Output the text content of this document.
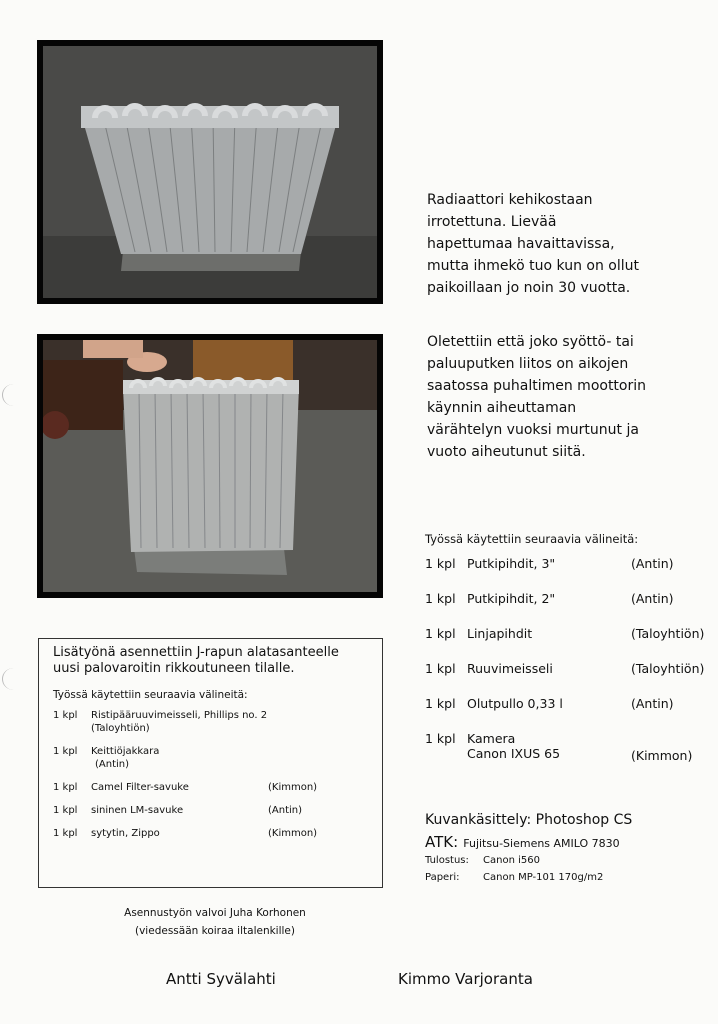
Radiaattori kehikostaan irrotettuna. Lievää hapettumaa havaittavissa, mutta ihmekö tuo kun on ollut paikoillaan jo noin 30 vuotta.
Oletettiin että joko syöttö- tai paluuputken liitos on aikojen saatossa puhaltimen moottorin käynnin aiheuttaman värähtelyn vuoksi murtunut ja vuoto aiheutunut siitä.
Työssä käytettiin seuraavia välineitä:
1 kpl Putkipihdit, 3"	(Antin)
1 kpl Putkipihdit, 2"	(Antin)
1 kpl Linjapihdit	(Taloyhtiön)
1 kpl Ruuvimeisseli	(Taloyhtiön)
1 kpl Olutpullo 0,33 l	(Antin)
1 kpl Kamera
Canon IXUS 65	(Kimmon)
Kuvankäsittely:
Photoshop CS
ATK:
Fujitsu-Siemens AMILO 7830
Tulostus:	Canon i560
Paperi:	Canon MP-101 170g/m2
Lisätyönä asennettiin J-rapun alatasanteelle uusi palovaroitin rikkoutuneen tilalle.
Työssä käytettiin seuraavia välineitä:
1 kpl	Ristipääruuvimeisseli, Phillips no. 2
(Taloyhtiön)
1 kpl	Keittiöjakkara
(Antin)
1 kpl	Camel Filter-savuke	(Kimmon)
1 kpl	sininen LM-savuke	(Antin)
1 kpl	sytytin, Zippo	(Kimmon)
Asennustyön valvoi Juha Korhonen
(viedessään koiraa iltalenkille)
Antti Syvälahti	Kimmo Varjoranta
